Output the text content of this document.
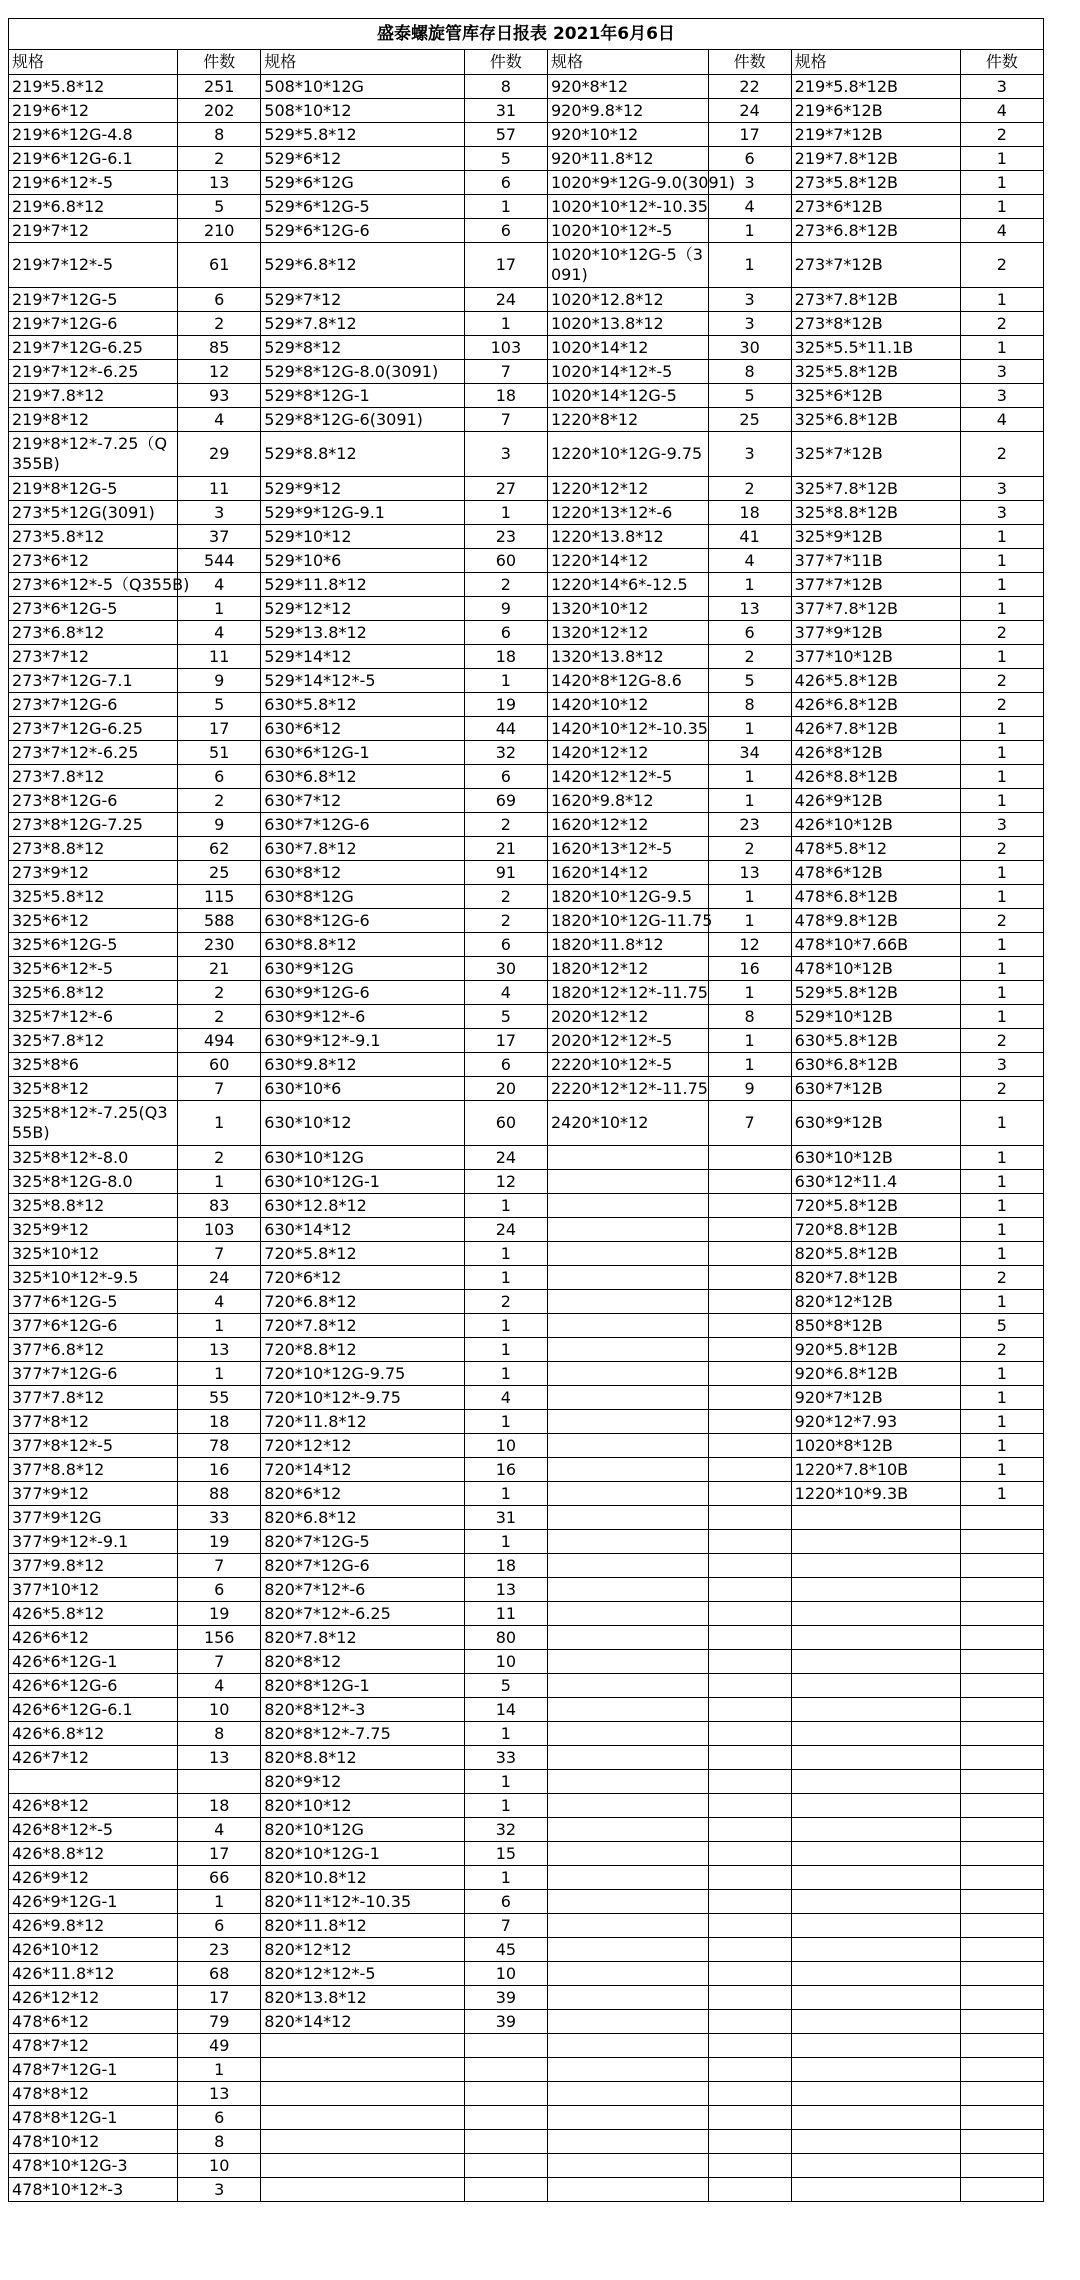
盛泰螺旋管库存日报表 2021年6月6日							
规格	件数	规格	件数	规格	件数	规格	件数
219*5.8*12	251	508*10*12G	8	920*8*12	22	219*5.8*12B	3
219*6*12	202	508*10*12	31	920*9.8*12	24	219*6*12B	4
219*6*12G-4.8	8	529*5.8*12	57	920*10*12	17	219*7*12B	2
219*6*12G-6.1	2	529*6*12	5	920*11.8*12	6	219*7.8*12B	1
219*6*12*-5	13	529*6*12G	6	1020*9*12G-9.0(3091)	3	273*5.8*12B	1
219*6.8*12	5	529*6*12G-5	1	1020*10*12*-10.35	4	273*6*12B	1
219*7*12	210	529*6*12G-6	6	1020*10*12*-5	1	273*6.8*12B	4
219*7*12*-5	61	529*6.8*12	17	1020*10*12G-5（3091)	1	273*7*12B	2
219*7*12G-5	6	529*7*12	24	1020*12.8*12	3	273*7.8*12B	1
219*7*12G-6	2	529*7.8*12	1	1020*13.8*12	3	273*8*12B	2
219*7*12G-6.25	85	529*8*12	103	1020*14*12	30	325*5.5*11.1B	1
219*7*12*-6.25	12	529*8*12G-8.0(3091)	7	1020*14*12*-5	8	325*5.8*12B	3
219*7.8*12	93	529*8*12G-1	18	1020*14*12G-5	5	325*6*12B	3
219*8*12	4	529*8*12G-6(3091)	7	1220*8*12	25	325*6.8*12B	4
219*8*12*-7.25（Q355B)	29	529*8.8*12	3	1220*10*12G-9.75	3	325*7*12B	2
219*8*12G-5	11	529*9*12	27	1220*12*12	2	325*7.8*12B	3
273*5*12G(3091)	3	529*9*12G-9.1	1	1220*13*12*-6	18	325*8.8*12B	3
273*5.8*12	37	529*10*12	23	1220*13.8*12	41	325*9*12B	1
273*6*12	544	529*10*6	60	1220*14*12	4	377*7*11B	1
273*6*12*-5（Q355B)	4	529*11.8*12	2	1220*14*6*-12.5	1	377*7*12B	1
273*6*12G-5	1	529*12*12	9	1320*10*12	13	377*7.8*12B	1
273*6.8*12	4	529*13.8*12	6	1320*12*12	6	377*9*12B	2
273*7*12	11	529*14*12	18	1320*13.8*12	2	377*10*12B	1
273*7*12G-7.1	9	529*14*12*-5	1	1420*8*12G-8.6	5	426*5.8*12B	2
273*7*12G-6	5	630*5.8*12	19	1420*10*12	8	426*6.8*12B	2
273*7*12G-6.25	17	630*6*12	44	1420*10*12*-10.35	1	426*7.8*12B	1
273*7*12*-6.25	51	630*6*12G-1	32	1420*12*12	34	426*8*12B	1
273*7.8*12	6	630*6.8*12	6	1420*12*12*-5	1	426*8.8*12B	1
273*8*12G-6	2	630*7*12	69	1620*9.8*12	1	426*9*12B	1
273*8*12G-7.25	9	630*7*12G-6	2	1620*12*12	23	426*10*12B	3
273*8.8*12	62	630*7.8*12	21	1620*13*12*-5	2	478*5.8*12	2
273*9*12	25	630*8*12	91	1620*14*12	13	478*6*12B	1
325*5.8*12	115	630*8*12G	2	1820*10*12G-9.5	1	478*6.8*12B	1
325*6*12	588	630*8*12G-6	2	1820*10*12G-11.75	1	478*9.8*12B	2
325*6*12G-5	230	630*8.8*12	6	1820*11.8*12	12	478*10*7.66B	1
325*6*12*-5	21	630*9*12G	30	1820*12*12	16	478*10*12B	1
325*6.8*12	2	630*9*12G-6	4	1820*12*12*-11.75	1	529*5.8*12B	1
325*7*12*-6	2	630*9*12*-6	5	2020*12*12	8	529*10*12B	1
325*7.8*12	494	630*9*12*-9.1	17	2020*12*12*-5	1	630*5.8*12B	2
325*8*6	60	630*9.8*12	6	2220*10*12*-5	1	630*6.8*12B	3
325*8*12	7	630*10*6	20	2220*12*12*-11.75	9	630*7*12B	2
325*8*12*-7.25(Q355B)	1	630*10*12	60	2420*10*12	7	630*9*12B	1
325*8*12*-8.0	2	630*10*12G	24			630*10*12B	1
325*8*12G-8.0	1	630*10*12G-1	12			630*12*11.4	1
325*8.8*12	83	630*12.8*12	1			720*5.8*12B	1
325*9*12	103	630*14*12	24			720*8.8*12B	1
325*10*12	7	720*5.8*12	1			820*5.8*12B	1
325*10*12*-9.5	24	720*6*12	1			820*7.8*12B	2
377*6*12G-5	4	720*6.8*12	2			820*12*12B	1
377*6*12G-6	1	720*7.8*12	1			850*8*12B	5
377*6.8*12	13	720*8.8*12	1			920*5.8*12B	2
377*7*12G-6	1	720*10*12G-9.75	1			920*6.8*12B	1
377*7.8*12	55	720*10*12*-9.75	4			920*7*12B	1
377*8*12	18	720*11.8*12	1			920*12*7.93	1
377*8*12*-5	78	720*12*12	10			1020*8*12B	1
377*8.8*12	16	720*14*12	16			1220*7.8*10B	1
377*9*12	88	820*6*12	1			1220*10*9.3B	1
377*9*12G	33	820*6.8*12	31				
377*9*12*-9.1	19	820*7*12G-5	1				
377*9.8*12	7	820*7*12G-6	18				
377*10*12	6	820*7*12*-6	13				
426*5.8*12	19	820*7*12*-6.25	11				
426*6*12	156	820*7.8*12	80				
426*6*12G-1	7	820*8*12	10				
426*6*12G-6	4	820*8*12G-1	5				
426*6*12G-6.1	10	820*8*12*-3	14				
426*6.8*12	8	820*8*12*-7.75	1				
426*7*12	13	820*8.8*12	33				
		820*9*12	1				
426*8*12	18	820*10*12	1				
426*8*12*-5	4	820*10*12G	32				
426*8.8*12	17	820*10*12G-1	15				
426*9*12	66	820*10.8*12	1				
426*9*12G-1	1	820*11*12*-10.35	6				
426*9.8*12	6	820*11.8*12	7				
426*10*12	23	820*12*12	45				
426*11.8*12	68	820*12*12*-5	10				
426*12*12	17	820*13.8*12	39				
478*6*12	79	820*14*12	39				
478*7*12	49						
478*7*12G-1	1						
478*8*12	13						
478*8*12G-1	6						
478*10*12	8						
478*10*12G-3	10						
478*10*12*-3	3						
